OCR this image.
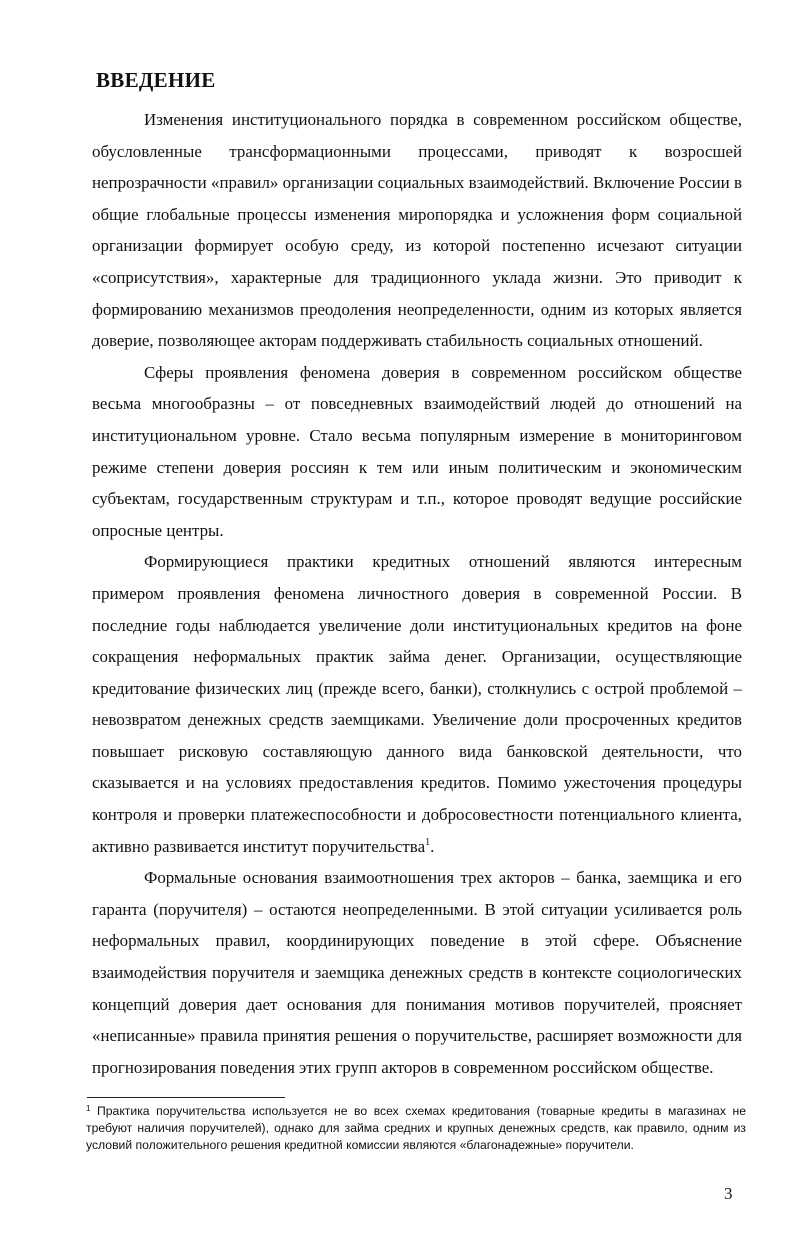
ВВЕДЕНИЕ

Изменения институционального порядка в современном российском обществе, обусловленные трансформационными процессами, приводят к возросшей непрозрачности «правил» организации социальных взаимодействий. Включение России в общие глобальные процессы изменения миропорядка и усложнения форм социальной организации формирует особую среду, из которой постепенно исчезают ситуации «соприсутствия», характерные для традиционного уклада жизни. Это приводит к формированию механизмов преодоления неопределенности, одним из которых является доверие, позволяющее акторам поддерживать стабильность социальных отношений.

Сферы проявления феномена доверия в современном российском обществе весьма многообразны – от повседневных взаимодействий людей до отношений на институциональном уровне. Стало весьма популярным измерение в мониторинговом режиме степени доверия россиян к тем или иным политическим и экономическим субъектам, государственным структурам и т.п., которое проводят ведущие российские опросные центры.

Формирующиеся практики кредитных отношений являются интересным примером проявления феномена личностного доверия в современной России. В последние годы наблюдается увеличение доли институциональных кредитов на фоне сокращения неформальных практик займа денег. Организации, осуществляющие кредитование физических лиц (прежде всего, банки), столкнулись с острой проблемой – невозвратом денежных средств заемщиками. Увеличение доли просроченных кредитов повышает рисковую составляющую данного вида банковской деятельности, что сказывается и на условиях предоставления кредитов. Помимо ужесточения процедуры контроля и проверки платежеспособности и добросовестности потенциального клиента, активно развивается институт поручительства$^1$.

Формальные основания взаимоотношения трех акторов – банка, заемщика и его гаранта (поручителя) – остаются неопределенными. В этой ситуации усиливается роль неформальных правил, координирующих поведение в этой сфере. Объяснение взаимодействия поручителя и заемщика денежных средств в контексте социологических концепций доверия дает основания для понимания мотивов поручителей, проясняет «неписанные» правила принятия решения о поручительстве, расширяет возможности для прогнозирования поведения этих групп акторов в современном российском обществе.

$^1$ Практика поручительства используется не во всех схемах кредитования (товарные кредиты в магазинах не требуют наличия поручителей), однако для займа средних и крупных денежных средств, как правило, одним из условий положительного решения кредитной комиссии являются «благонадежные» поручители.
3
